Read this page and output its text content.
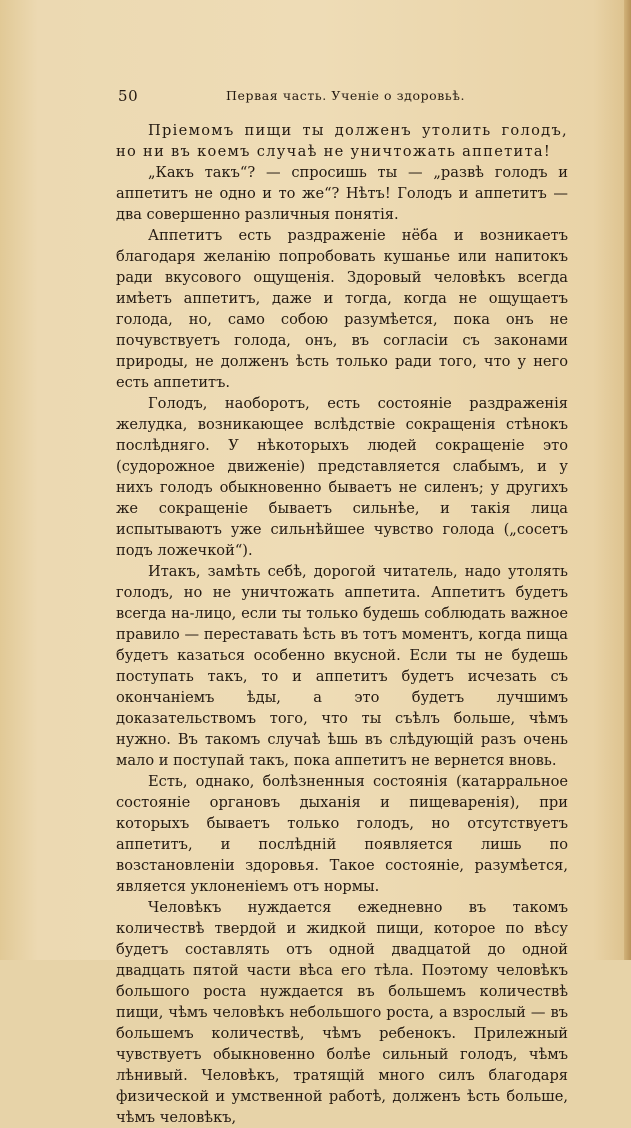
50	Первая часть. Ученіе о здоровьѣ.

Пріемомъ пищи ты долженъ утолить голодъ, но ни въ коемъ случаѣ не уничтожать аппетита!

„Какъ такъ“? — спросишь ты — „развѣ голодъ и аппетитъ не одно и то же“? Нѣтъ! Голодъ и аппетитъ — два совершенно различныя понятія.

Аппетитъ есть раздраженіе нёба и возникаетъ благодаря желанію попробовать кушанье или напитокъ ради вкусового ощущенія. Здоровый человѣкъ всегда имѣетъ аппетитъ, даже и тогда, когда не ощущаетъ голода, но, само собою разумѣется, пока онъ не почувствуетъ голода, онъ, въ согласіи съ законами природы, не долженъ ѣсть только ради того, что у него есть аппетитъ.

Голодъ, наоборотъ, есть состояніе раздраженія желудка, возникающее вслѣдствіе сокращенія стѣнокъ послѣдняго. У нѣкоторыхъ людей сокращеніе это (судорожное движеніе) представляется слабымъ, и у нихъ голодъ обыкновенно бываетъ не силенъ; у другихъ же сокращеніе бываетъ сильнѣе, и такія лица испытываютъ уже сильнѣйшее чувство голода („сосетъ подъ ложечкой“).

Итакъ, замѣть себѣ, дорогой читатель, надо утолять голодъ, но не уничтожать аппетита. Аппетитъ будетъ всегда на-лицо, если ты только будешь соблюдать важное правило — переставать ѣсть въ тотъ моментъ, когда пища будетъ казаться особенно вкусной. Если ты не будешь поступать такъ, то и аппетитъ будетъ исчезать съ окончаніемъ ѣды, а это будетъ лучшимъ доказательствомъ того, что ты съѣлъ больше, чѣмъ нужно. Въ такомъ случаѣ ѣшь въ слѣдующій разъ очень мало и поступай такъ, пока аппетитъ не вернется вновь.

Есть, однако, болѣзненныя состоянія (катарральное состояніе органовъ дыханія и пищеваренія), при которыхъ бываетъ только голодъ, но отсутствуетъ аппетитъ, и послѣдній появляется лишь по возстановленіи здоровья. Такое состояніе, разумѣется, является уклоненіемъ отъ нормы.

Человѣкъ нуждается ежедневно въ такомъ количествѣ твердой и жидкой пищи, которое по вѣсу будетъ составлять отъ одной двадцатой до одной двадцать пятой части вѣса его тѣла. Поэтому человѣкъ большого роста нуждается въ большемъ количествѣ пищи, чѣмъ человѣкъ небольшого роста, а взрослый — въ большемъ количествѣ, чѣмъ ребенокъ. Прилежный чувствуетъ обыкновенно болѣе сильный голодъ, чѣмъ лѣнивый. Человѣкъ, тратящій много силъ благодаря физической и умственной работѣ, долженъ ѣсть больше, чѣмъ человѣкъ,
